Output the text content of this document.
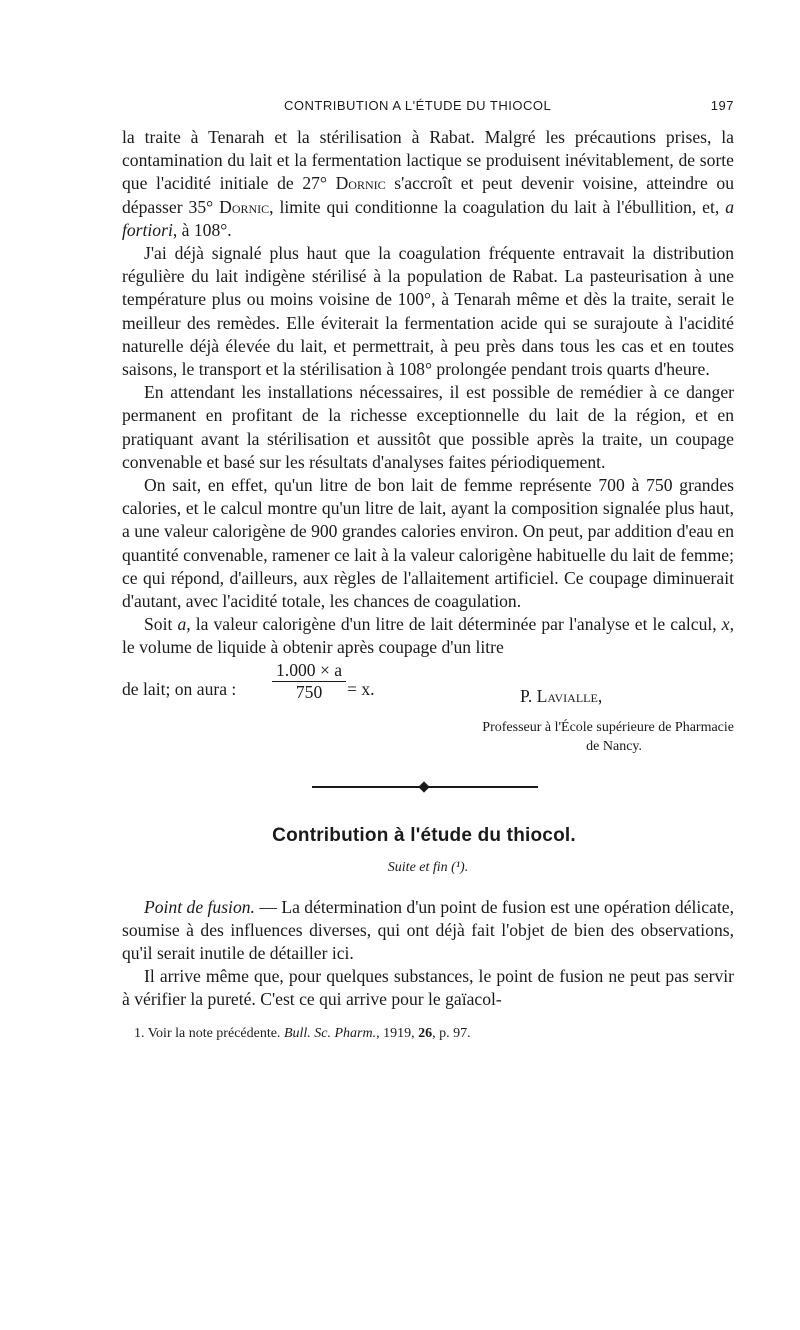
CONTRIBUTION A L'ÉTUDE DU THIOCOL	197

la traite à Tenarah et la stérilisation à Rabat. Malgré les précautions prises, la contamination du lait et la fermentation lactique se produisent inévitablement, de sorte que l'acidité initiale de 27° Dornic s'accroît et peut devenir voisine, atteindre ou dépasser 35° Dornic, limite qui conditionne la coagulation du lait à l'ébullition, et, a fortiori, à 108°.

J'ai déjà signalé plus haut que la coagulation fréquente entravait la distribution régulière du lait indigène stérilisé à la population de Rabat. La pasteurisation à une température plus ou moins voisine de 100°, à Tenarah même et dès la traite, serait le meilleur des remèdes. Elle éviterait la fermentation acide qui se surajoute à l'acidité naturelle déjà élevée du lait, et permettrait, à peu près dans tous les cas et en toutes saisons, le transport et la stérilisation à 108° prolongée pendant trois quarts d'heure.

En attendant les installations nécessaires, il est possible de remédier à ce danger permanent en profitant de la richesse exceptionnelle du lait de la région, et en pratiquant avant la stérilisation et aussitôt que possible après la traite, un coupage convenable et basé sur les résultats d'analyses faites périodiquement.

On sait, en effet, qu'un litre de bon lait de femme représente 700 à 750 grandes calories, et le calcul montre qu'un litre de lait, ayant la composition signalée plus haut, a une valeur calorigène de 900 grandes calories environ. On peut, par addition d'eau en quantité convenable, ramener ce lait à la valeur calorigène habituelle du lait de femme; ce qui répond, d'ailleurs, aux règles de l'allaitement artificiel. Ce coupage diminuerait d'autant, avec l'acidité totale, les chances de coagulation.

Soit a, la valeur calorigène d'un litre de lait déterminée par l'analyse et le calcul, x, le volume de liquide à obtenir après coupage d'un litre

de lait; on aura : $\frac{1.000 \times a}{750} = x$.	P. Lavialle,
Professeur à l'École supérieure de Pharmacie
de Nancy.
Contribution à l'étude du thiocol.
Suite et fin (¹).

Point de fusion. — La détermination d'un point de fusion est une opération délicate, soumise à des influences diverses, qui ont déjà fait l'objet de bien des observations, qu'il serait inutile de détailler ici.

Il arrive même que, pour quelques substances, le point de fusion ne peut pas servir à vérifier la pureté. C'est ce qui arrive pour le gaïacol-

1. Voir la note précédente. Bull. Sc. Pharm., 1919, 26, p. 97.
